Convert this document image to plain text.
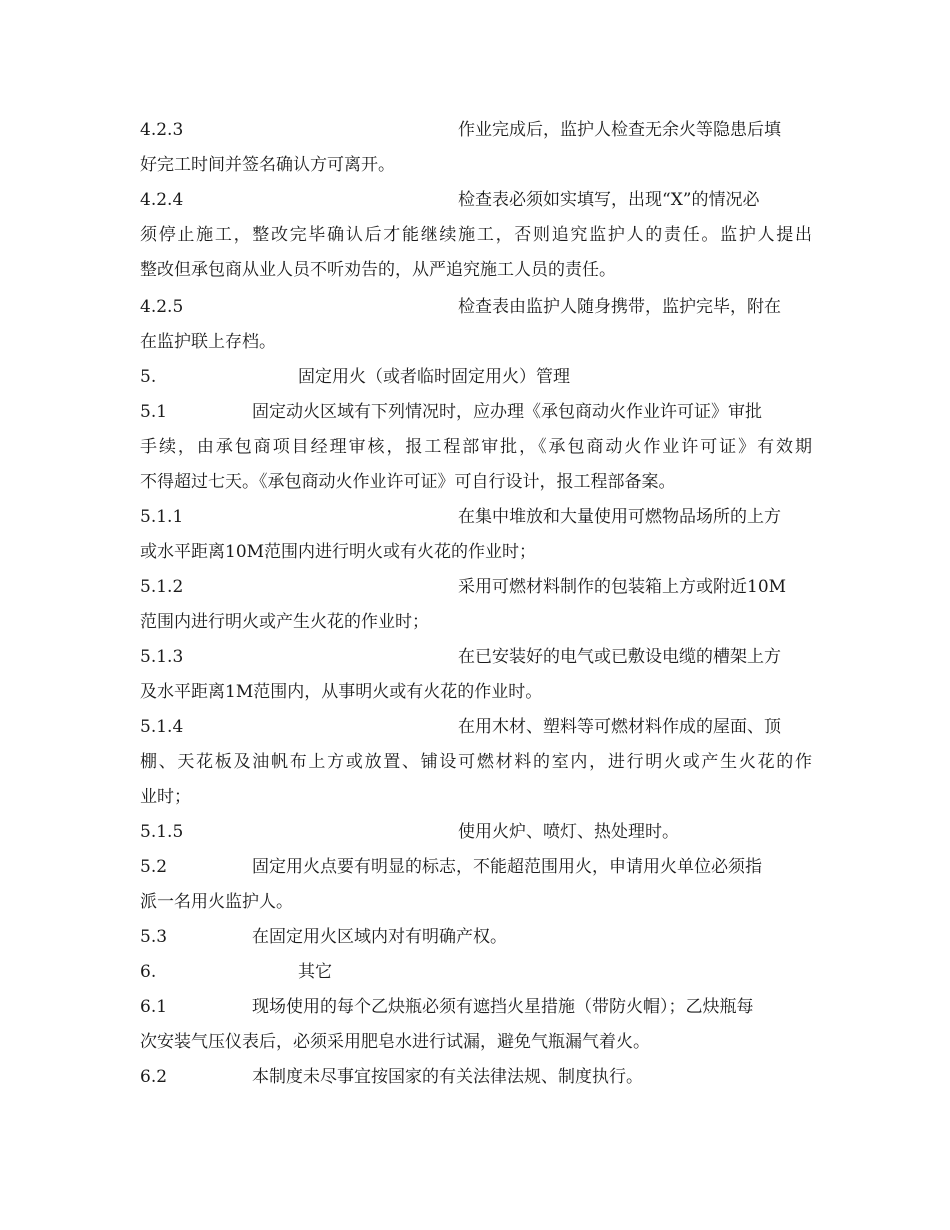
4.2.3	作业完成后，监护人检查无余火等隐患后填
好完工时间并签名确认方可离开。
4.2.4	检查表必须如实填写，出现“X”的情况必
须停止施工，整改完毕确认后才能继续施工，否则追究监护人的责任。监护人提出
整改但承包商从业人员不听劝告的，从严追究施工人员的责任。
4.2.5	检查表由监护人随身携带，监护完毕，附在
在监护联上存档。
5.	固定用火（或者临时固定用火）管理
5.1	固定动火区域有下列情况时，应办理《承包商动火作业许可证》审批
手续，由承包商项目经理审核，报工程部审批，《承包商动火作业许可证》有效期
不得超过七天。《承包商动火作业许可证》可自行设计，报工程部备案。
5.1.1	在集中堆放和大量使用可燃物品场所的上方
或水平距离10M范围内进行明火或有火花的作业时；
5.1.2	采用可燃材料制作的包装箱上方或附近10M
范围内进行明火或产生火花的作业时；
5.1.3	在已安装好的电气或已敷设电缆的槽架上方
及水平距离1M范围内，从事明火或有火花的作业时。
5.1.4	在用木材、塑料等可燃材料作成的屋面、顶
棚、天花板及油帆布上方或放置、铺设可燃材料的室内，进行明火或产生火花的作
业时；
5.1.5	使用火炉、喷灯、热处理时。
5.2	固定用火点要有明显的标志，不能超范围用火，申请用火单位必须指
派一名用火监护人。
5.3	在固定用火区域内对有明确产权。
6.	其它
6.1	现场使用的每个乙炔瓶必须有遮挡火星措施（带防火帽）；乙炔瓶每
次安装气压仪表后，必须采用肥皂水进行试漏，避免气瓶漏气着火。
6.2	本制度未尽事宜按国家的有关法律法规、制度执行。
